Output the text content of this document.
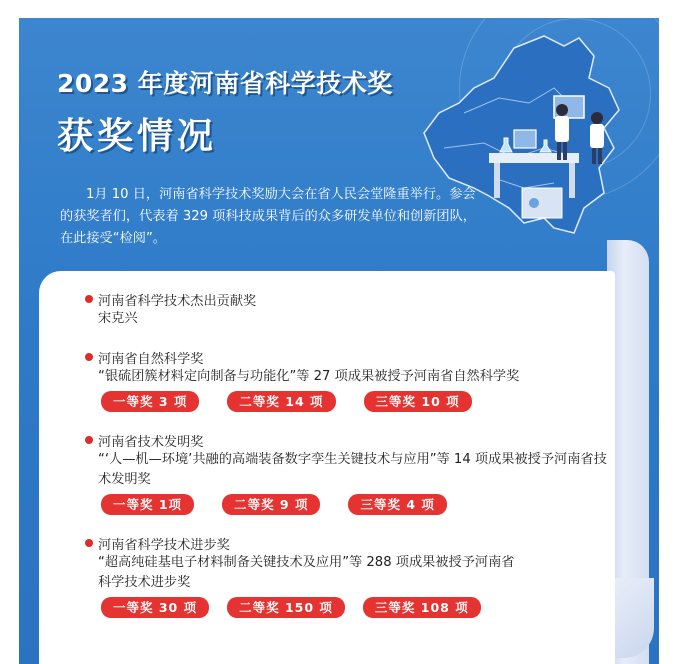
2023 年度河南省科学技术奖
获奖情况
1月 10 日，河南省科学技术奖励大会在省人民会堂隆重举行。参会的获奖者们，代表着 329 项科技成果背后的众多研发单位和创新团队，在此接受“检阅”。
河南省科学技术杰出贡献奖
宋克兴
河南省自然科学奖
“银硫团簇材料定向制备与功能化”等 27 项成果被授予河南省自然科学奖
一等奖 3 项	二等奖 14 项	三等奖 10 项
河南省技术发明奖
“‘人—机—环境’共融的高端装备数字孪生关键技术与应用”等 14 项成果被授予河南省技术发明奖
一等奖 1项	二等奖 9 项	三等奖 4 项
河南省科学技术进步奖
“超高纯硅基电子材料制备关键技术及应用”等 288 项成果被授予河南省科学技术进步奖
一等奖 30 项	二等奖 150 项	三等奖 108 项
